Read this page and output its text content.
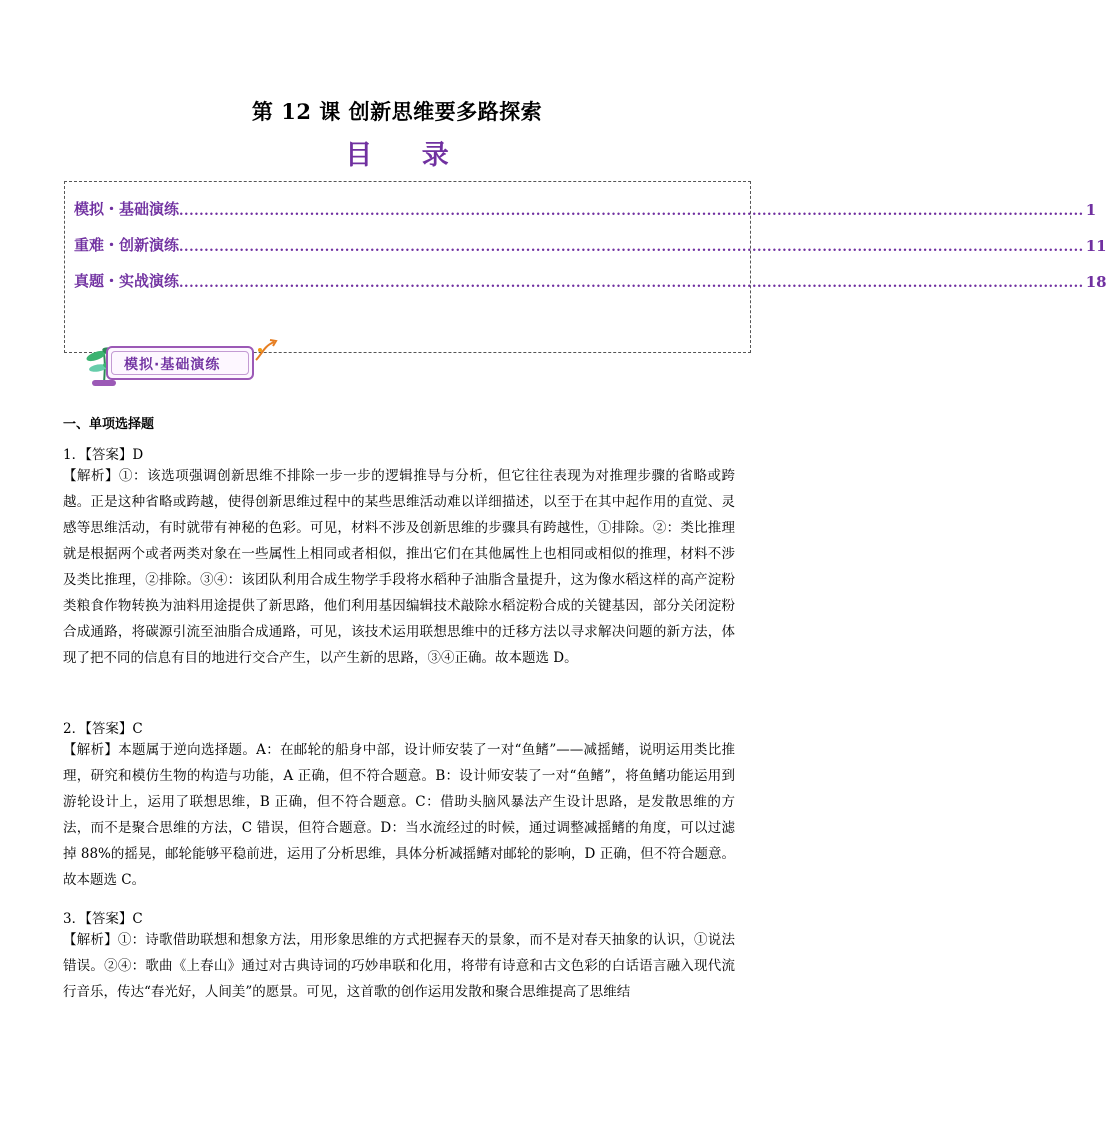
第 12 课 创新思维要多路探索
目 录
模拟・基础演练 .................................................................................................................................................................................... 1
重难・创新演练 .................................................................................................................................................................................... 11
真题・实战演练 .................................................................................................................................................................................... 18
模拟·基础演练
一、单项选择题
1．【答案】D
【解析】①：该选项强调创新思维不排除一步一步的逻辑推导与分析，但它往往表现为对推理步骤的省略或跨越。正是这种省略或跨越，使得创新思维过程中的某些思维活动难以详细描述，以至于在其中起作用的直觉、灵感等思维活动，有时就带有神秘的色彩。可见，材料不涉及创新思维的步骤具有跨越性，①排除。②：类比推理就是根据两个或者两类对象在一些属性上相同或者相似，推出它们在其他属性上也相同或相似的推理，材料不涉及类比推理，②排除。③④：该团队利用合成生物学手段将水稻种子油脂含量提升，这为像水稻这样的高产淀粉类粮食作物转换为油料用途提供了新思路，他们利用基因编辑技术敲除水稻淀粉合成的关键基因，部分关闭淀粉合成通路，将碳源引流至油脂合成通路，可见，该技术运用联想思维中的迁移方法以寻求解决问题的新方法，体现了把不同的信息有目的地进行交合产生，以产生新的思路，③④正确。故本题选 D。
2．【答案】C
【解析】本题属于逆向选择题。A：在邮轮的船身中部，设计师安装了一对“鱼鳍”——减摇鳍，说明运用类比推理，研究和模仿生物的构造与功能，A 正确，但不符合题意。B：设计师安装了一对“鱼鳍”，将鱼鳍功能运用到游轮设计上，运用了联想思维，B 正确，但不符合题意。C：借助头脑风暴法产生设计思路，是发散思维的方法，而不是聚合思维的方法，C 错误，但符合题意。D：当水流经过的时候，通过调整减摇鳍的角度，可以过滤掉 88%的摇晃，邮轮能够平稳前进，运用了分析思维，具体分析减摇鳍对邮轮的影响，D 正确，但不符合题意。故本题选 C。
3．【答案】C
【解析】①：诗歌借助联想和想象方法，用形象思维的方式把握春天的景象，而不是对春天抽象的认识，①说法错误。②④：歌曲《上春山》通过对古典诗词的巧妙串联和化用，将带有诗意和古文色彩的白话语言融入现代流行音乐，传达“春光好，人间美”的愿景。可见，这首歌的创作运用发散和聚合思维提高了思维结
